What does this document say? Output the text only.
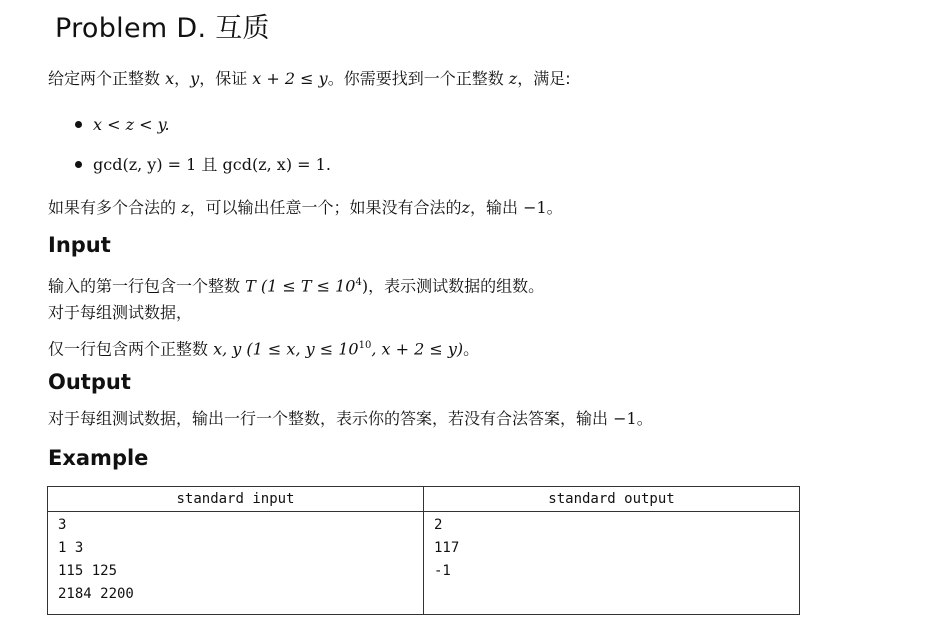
Problem D. 互质
给定两个正整数 x，y，保证 x + 2 ≤ y。你需要找到一个正整数 z，满足:
x < z < y.
gcd(z, y) = 1 且 gcd(z, x) = 1.
如果有多个合法的 z，可以输出任意一个；如果没有合法的z，输出 −1。
Input
输入的第一行包含一个整数 T $(1 \le T \le 10^4)$，表示测试数据的组数。
对于每组测试数据，
仅一行包含两个正整数 x, y (1 ≤ x, $y \le 10^{10}$, x + 2 ≤ y)。
Output
对于每组测试数据，输出一行一个整数，表示你的答案，若没有合法答案，输出 −1。
Example
standard input	standard output

3
1 3
115 125
2184 2200	2
117
-1
